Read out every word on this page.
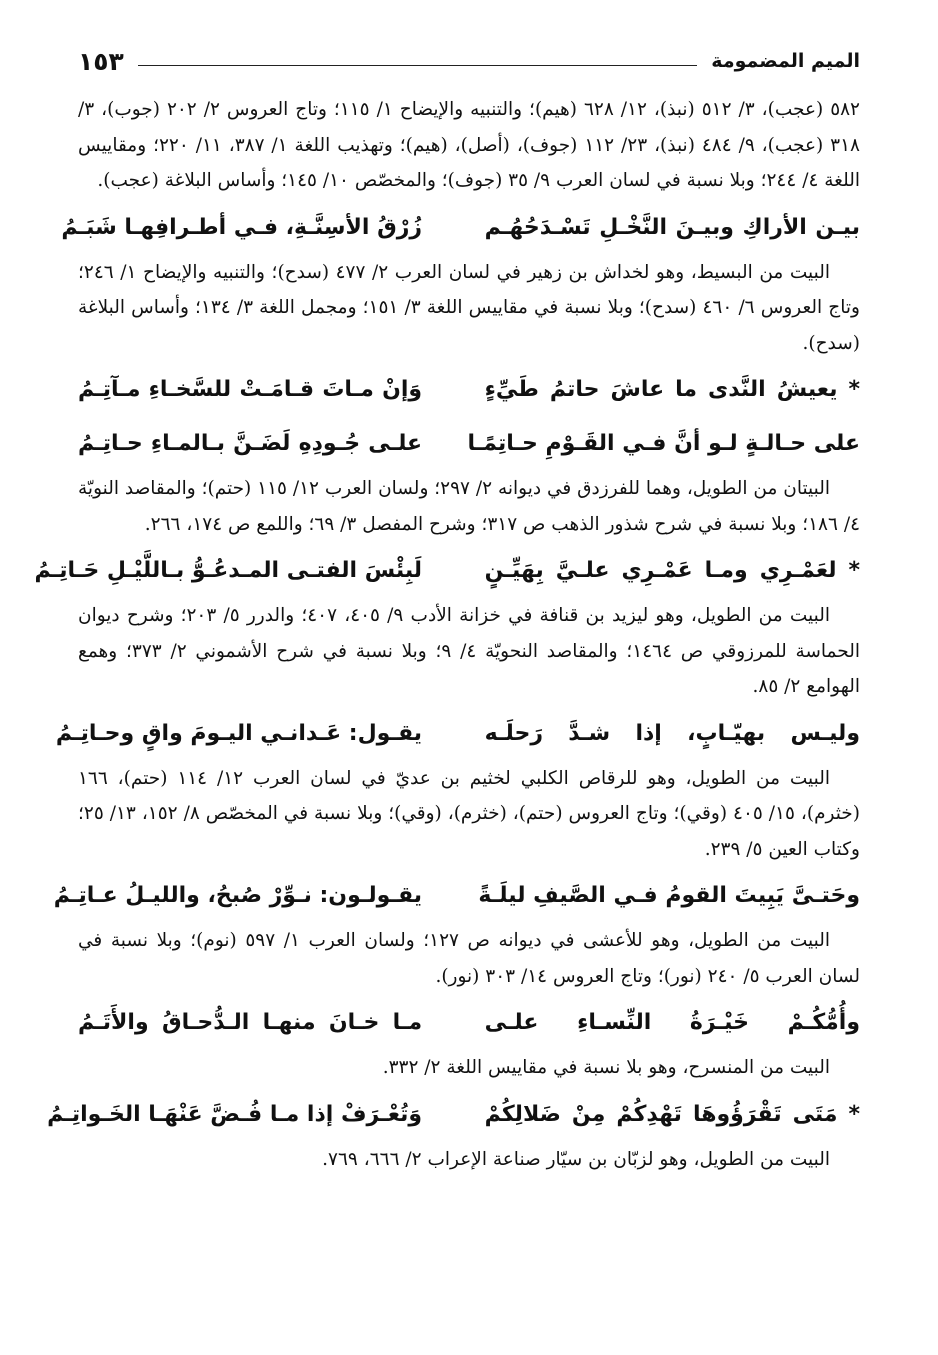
الميم المضمومة
١٥٣

٥٨٢ (عجب)، ٣/ ٥١٢ (نبذ)، ١٢/ ٦٢٨ (هيم)؛ والتنبيه والإيضاح ١/ ١١٥؛ وتاج العروس ٢/ ٢٠٢ (جوب)، ٣/ ٣١٨ (عجب)، ٩/ ٤٨٤ (نبذ)، ٢٣/ ١١٢ (جوف)، (أصل)، (هيم)؛ وتهذيب اللغة ١/ ٣٨٧، ١١/ ٢٢٠؛ ومقاييس اللغة ٤/ ٢٤٤؛ وبلا نسبة في لسان العرب ٩/ ٣٥ (جوف)؛ والمخصّص ١٠/ ١٤٥؛ وأساس البلاغة (عجب).

بيـن الأراكِ وبيـنَ النَّخْـلِ تَسْـدَحُهُـم
زُرْقُ الأسِنَّـةِ، فـي أطـرافِهـا شَبَـمُ

البيت من البسيط، وهو لخداش بن زهير في لسان العرب ٢/ ٤٧٧ (سدح)؛ والتنبيه والإيضاح ١/ ٢٤٦؛ وتاج العروس ٦/ ٤٦٠ (سدح)؛ وبلا نسبة في مقاييس اللغة ٣/ ١٥١؛ ومجمل اللغة ٣/ ١٣٤؛ وأساس البلاغة (سدح).

* يعيشُ النَّدى ما عاشَ حاتمُ طَيِّءٍ
وَإنْ مـاتَ قـامَـتْ للسَّخـاءِ مـآتِـمُ
على حـالـةٍ لـو أنَّ فـي القَـوْمِ حـاتِمًـا
علـى جُـودِهِ لَضَـنَّ بـالمـاءِ حـاتِـمُ

البيتان من الطويل، وهما للفرزدق في ديوانه ٢/ ٢٩٧؛ ولسان العرب ١٢/ ١١٥ (حتم)؛ والمقاصد النويّة ٤/ ١٨٦؛ وبلا نسبة في شرح شذور الذهب ص ٣١٧؛ وشرح المفصل ٣/ ٦٩؛ واللمع ص ١٧٤، ٢٦٦.

* لعَمْـرِي ومـا عَمْـرِي علـيَّ بِهَيِّـنٍ
لَبِئْسَ الفتـى المـدعُـوُّ بـاللَّيْـلِ حَـاتِـمُ

البيت من الطويل، وهو ليزيد بن قنافة في خزانة الأدب ٩/ ٤٠٥، ٤٠٧؛ والدرر ٥/ ٢٠٣؛ وشرح ديوان الحماسة للمرزوقي ص ١٤٦٤؛ والمقاصد النحويّة ٤/ ٩؛ وبلا نسبة في شرح الأشموني ٢/ ٣٧٣؛ وهمع الهوامع ٢/ ٨٥.

وليـس بهيّـابٍ، إذا شـدَّ رَحلَـه
يقـول: عَـدانـي اليـومَ واقٍ وحـاتِـمُ

البيت من الطويل، وهو للرقاص الكلبي لخثيم بن عديّ في لسان العرب ١٢/ ١١٤ (حتم)، ١٦٦ (خثرم)، ١٥/ ٤٠٥ (وقي)؛ وتاج العروس (حتم)، (خثرم)، (وقي)؛ وبلا نسبة في المخصّص ٨/ ١٥٢، ١٣/ ٢٥؛ وكتاب العين ٥/ ٢٣٩.

وحَتـىَّ يَبِيتَ القومُ فـي الصَّيفِ ليلَـةً
يقـولـون: نـوِّرْ صُبحُ، والليـلُ عـاتِـمُ

البيت من الطويل، وهو للأعشى في ديوانه ص ١٢٧؛ ولسان العرب ١/ ٥٩٧ (نوم)؛ وبلا نسبة في لسان العرب ٥/ ٢٤٠ (نور)؛ وتاج العروس ١٤/ ٣٠٣ (نور).

وأُمُّكُـمْ خَيْـرَةُ النِّسـاءِ علـى
مـا خـانَ منهـا الـدُّحـاقُ والأَتَـمُ

البيت من المنسرح، وهو بلا نسبة في مقاييس اللغة ٢/ ٣٣٢.

* مَتَى تَقْرَؤُوهَا تَهْدِكُمْ مِنْ ضَلالِكُمْ
وَتُعْـرَفْ إذا مـا فُـضَّ عَنْهَـا الخَـواتِـمُ

البيت من الطويل، وهو لزبّان بن سيّار صناعة الإعراب ٢/ ٦٦٦، ٧٦٩.
